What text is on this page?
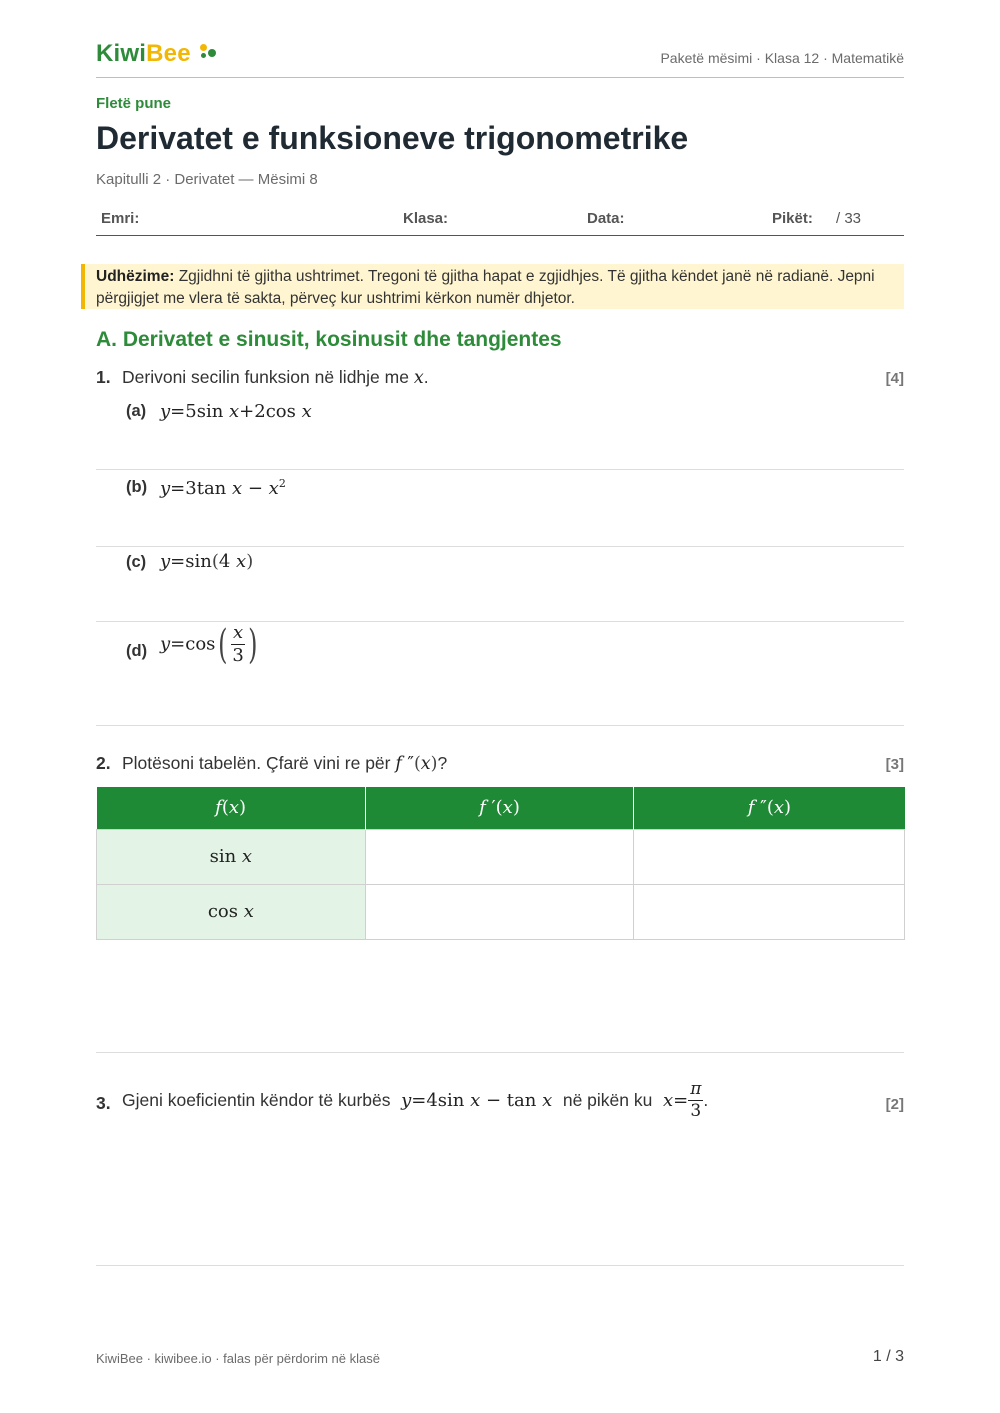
KiwiBee	Paketë mësimi · Klasa 12 · Matematikë
Fletë pune
Derivatet e funksioneve trigonometrike
Kapitulli 2 · Derivatet — Mësimi 8
Emri:	Klasa:	Data:	Pikët: / 33
Udhëzime: Zgjidhni të gjitha ushtrimet. Tregoni të gjitha hapat e zgjidhjes. Të gjitha këndet janë në radianë. Jepni përgjigjet me vlera të sakta, përveç kur ushtrimi kërkon numër dhjetor.
A. Derivatet e sinusit, kosinusit dhe tangjentes
1. Derivoni secilin funksion në lidhje me x.	[4]
(a) y=5sin x+2cos x
(b) y=3tan $x - x^2$
(c) y=sin(4 x)
(d) $y=\cos( \frac{x}{3}$ )
2. Plotësoni tabelën. Çfarë vini re për f ″(x)?	[3]
f(x)	f ′(x)	f ″(x)
sin x		
cos x		
3. Gjeni koeficientin këndor të kurbës y=4sin x − tan x në pikën ku $x= \frac{\pi}{3}$ .	[2]
KiwiBee · kiwibee.io · falas për përdorim në klasë	1 / 3
